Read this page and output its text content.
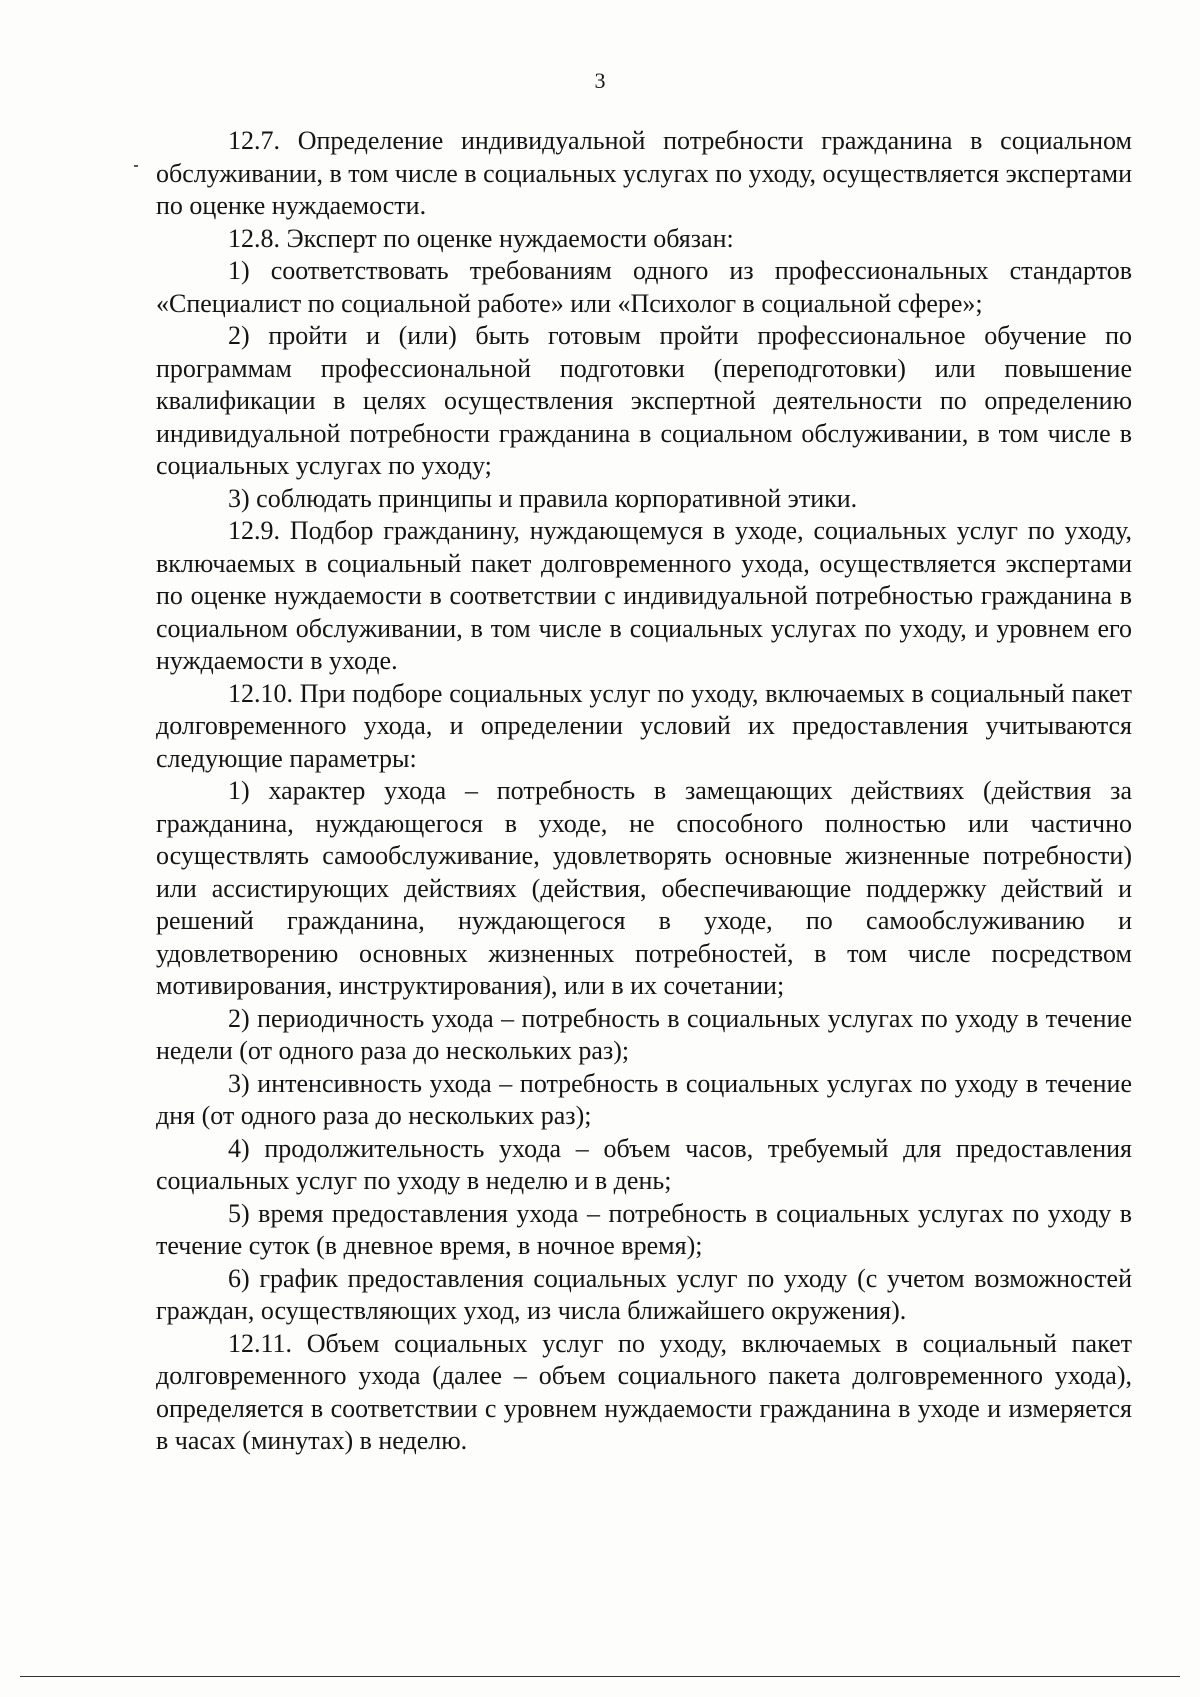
3

12.7. Определение индивидуальной потребности гражданина в социальном обслуживании, в том числе в социальных услугах по уходу, осуществляется экспертами по оценке нуждаемости.

12.8. Эксперт по оценке нуждаемости обязан:

1) соответствовать требованиям одного из профессиональных стандартов «Специалист по социальной работе» или «Психолог в социальной сфере»;

2) пройти и (или) быть готовым пройти профессиональное обучение по программам профессиональной подготовки (переподготовки) или повышение квалификации в целях осуществления экспертной деятельности по определению индивидуальной потребности гражданина в социальном обслуживании, в том числе в социальных услугах по уходу;

3) соблюдать принципы и правила корпоративной этики.

12.9. Подбор гражданину, нуждающемуся в уходе, социальных услуг по уходу, включаемых в социальный пакет долговременного ухода, осуществляется экспертами по оценке нуждаемости в соответствии с индивидуальной потребностью гражданина в социальном обслуживании, в том числе в социальных услугах по уходу, и уровнем его нуждаемости в уходе.

12.10. При подборе социальных услуг по уходу, включаемых в социальный пакет долговременного ухода, и определении условий их предоставления учитываются следующие параметры:

1) характер ухода – потребность в замещающих действиях (действия за гражданина, нуждающегося в уходе, не способного полностью или частично осуществлять самообслуживание, удовлетворять основные жизненные потребности) или ассистирующих действиях (действия, обеспечивающие поддержку действий и решений гражданина, нуждающегося в уходе, по самообслуживанию и удовлетворению основных жизненных потребностей, в том числе посредством мотивирования, инструктирования), или в их сочетании;

2) периодичность ухода – потребность в социальных услугах по уходу в течение недели (от одного раза до нескольких раз);

3) интенсивность ухода – потребность в социальных услугах по уходу в течение дня (от одного раза до нескольких раз);

4) продолжительность ухода – объем часов, требуемый для предоставления социальных услуг по уходу в неделю и в день;

5) время предоставления ухода – потребность в социальных услугах по уходу в течение суток (в дневное время, в ночное время);

6) график предоставления социальных услуг по уходу (с учетом возможностей граждан, осуществляющих уход, из числа ближайшего окружения).

12.11. Объем социальных услуг по уходу, включаемых в социальный пакет долговременного ухода (далее – объем социального пакета долговременного ухода), определяется в соответствии с уровнем нуждаемости гражданина в уходе и измеряется в часах (минутах) в неделю.
